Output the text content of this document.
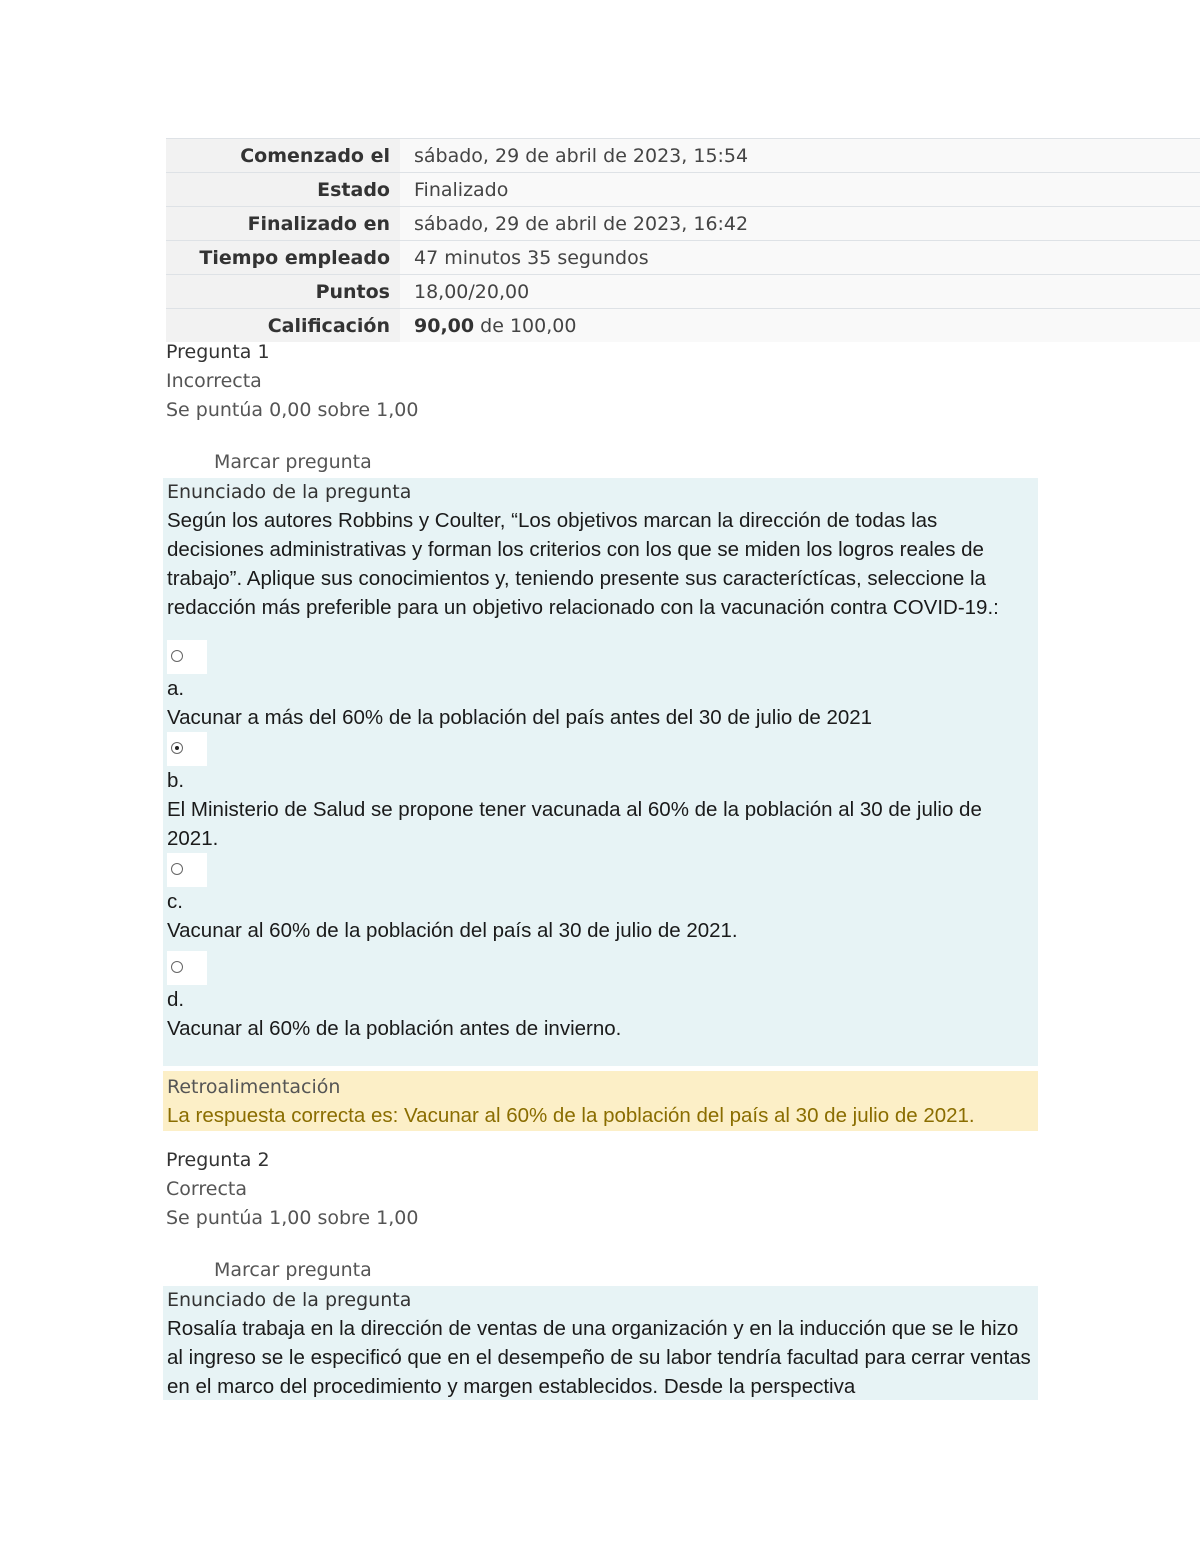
Comenzado el	sábado, 29 de abril de 2023, 15:54
Estado	Finalizado
Finalizado en	sábado, 29 de abril de 2023, 16:42
Tiempo empleado	47 minutos 35 segundos
Puntos	18,00/20,00
Calificación	90,00 de 100,00
Pregunta 1
Incorrecta
Se puntúa 0,00 sobre 1,00
Marcar pregunta
Enunciado de la pregunta
Según los autores Robbins y Coulter, “Los objetivos marcan la dirección de todas las decisiones administrativas y forman los criterios con los que se miden los logros reales de trabajo”. Aplique sus conocimientos y, teniendo presente sus caracteríctícas, seleccione la redacción más preferible para un objetivo relacionado con la vacunación contra COVID-19.:
a.
Vacunar a más del 60% de la población del país antes del 30 de julio de 2021
b.
El Ministerio de Salud se propone tener vacunada al 60% de la población al 30 de julio de 2021.
c.
Vacunar al 60% de la población del país al 30 de julio de 2021.
d.
Vacunar al 60% de la población antes de invierno.
Retroalimentación
La respuesta correcta es: Vacunar al 60% de la población del país al 30 de julio de 2021.
Pregunta 2
Correcta
Se puntúa 1,00 sobre 1,00
Marcar pregunta
Enunciado de la pregunta
Rosalía trabaja en la dirección de ventas de una organización y en la inducción que se le hizo al ingreso se le especificó que en el desempeño de su labor tendría facultad para cerrar ventas en el marco del procedimiento y margen establecidos. Desde la perspectiva
